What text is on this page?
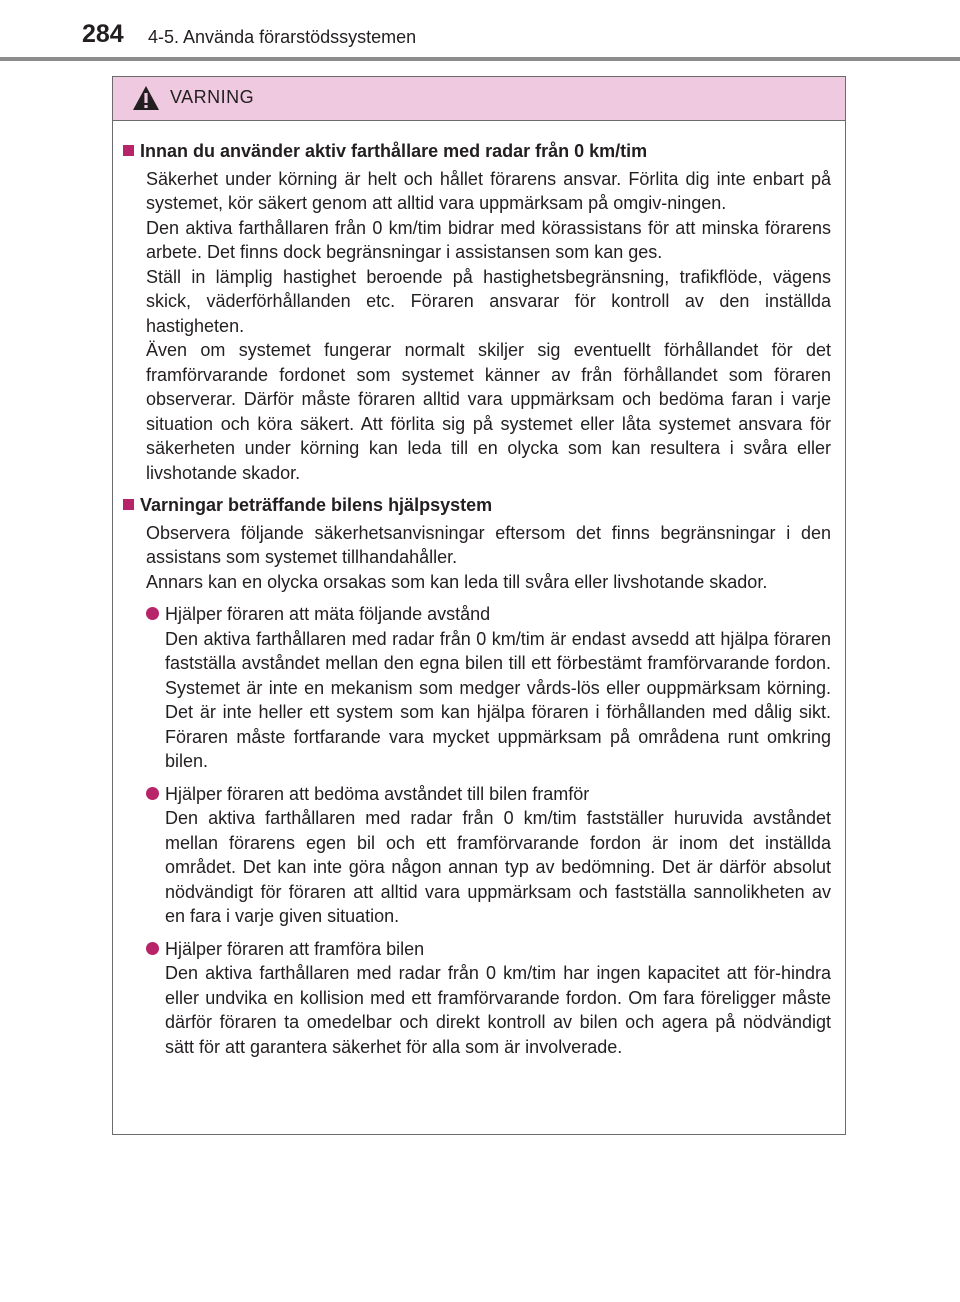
284 4-5. Använda förarstödssystemen
VARNING
Innan du använder aktiv farthållare med radar från 0 km/tim
Säkerhet under körning är helt och hållet förarens ansvar. Förlita dig inte enbart på systemet, kör säkert genom att alltid vara uppmärksam på omgiv-ningen.
Den aktiva farthållaren från 0 km/tim bidrar med körassistans för att minska förarens arbete. Det finns dock begränsningar i assistansen som kan ges.
Ställ in lämplig hastighet beroende på hastighetsbegränsning, trafikflöde, vägens skick, väderförhållanden etc. Föraren ansvarar för kontroll av den inställda hastigheten.
Även om systemet fungerar normalt skiljer sig eventuellt förhållandet för det framförvarande fordonet som systemet känner av från förhållandet som föraren observerar. Därför måste föraren alltid vara uppmärksam och bedöma faran i varje situation och köra säkert. Att förlita sig på systemet eller låta systemet ansvara för säkerheten under körning kan leda till en olycka som kan resultera i svåra eller livshotande skador.
Varningar beträffande bilens hjälpsystem
Observera följande säkerhetsanvisningar eftersom det finns begränsningar i den assistans som systemet tillhandahåller.
Annars kan en olycka orsakas som kan leda till svåra eller livshotande skador.
Hjälper föraren att mäta följande avstånd
Den aktiva farthållaren med radar från 0 km/tim är endast avsedd att hjälpa föraren fastställa avståndet mellan den egna bilen till ett förbestämt framförvarande fordon. Systemet är inte en mekanism som medger vårds-lös eller ouppmärksam körning. Det är inte heller ett system som kan hjälpa föraren i förhållanden med dålig sikt. Föraren måste fortfarande vara mycket uppmärksam på områdena runt omkring bilen.
Hjälper föraren att bedöma avståndet till bilen framför
Den aktiva farthållaren med radar från 0 km/tim fastställer huruvida avståndet mellan förarens egen bil och ett framförvarande fordon är inom det inställda området. Det kan inte göra någon annan typ av bedömning. Det är därför absolut nödvändigt för föraren att alltid vara uppmärksam och fastställa sannolikheten av en fara i varje given situation.
Hjälper föraren att framföra bilen
Den aktiva farthållaren med radar från 0 km/tim har ingen kapacitet att för-hindra eller undvika en kollision med ett framförvarande fordon. Om fara föreligger måste därför föraren ta omedelbar och direkt kontroll av bilen och agera på nödvändigt sätt för att garantera säkerhet för alla som är involverade.
